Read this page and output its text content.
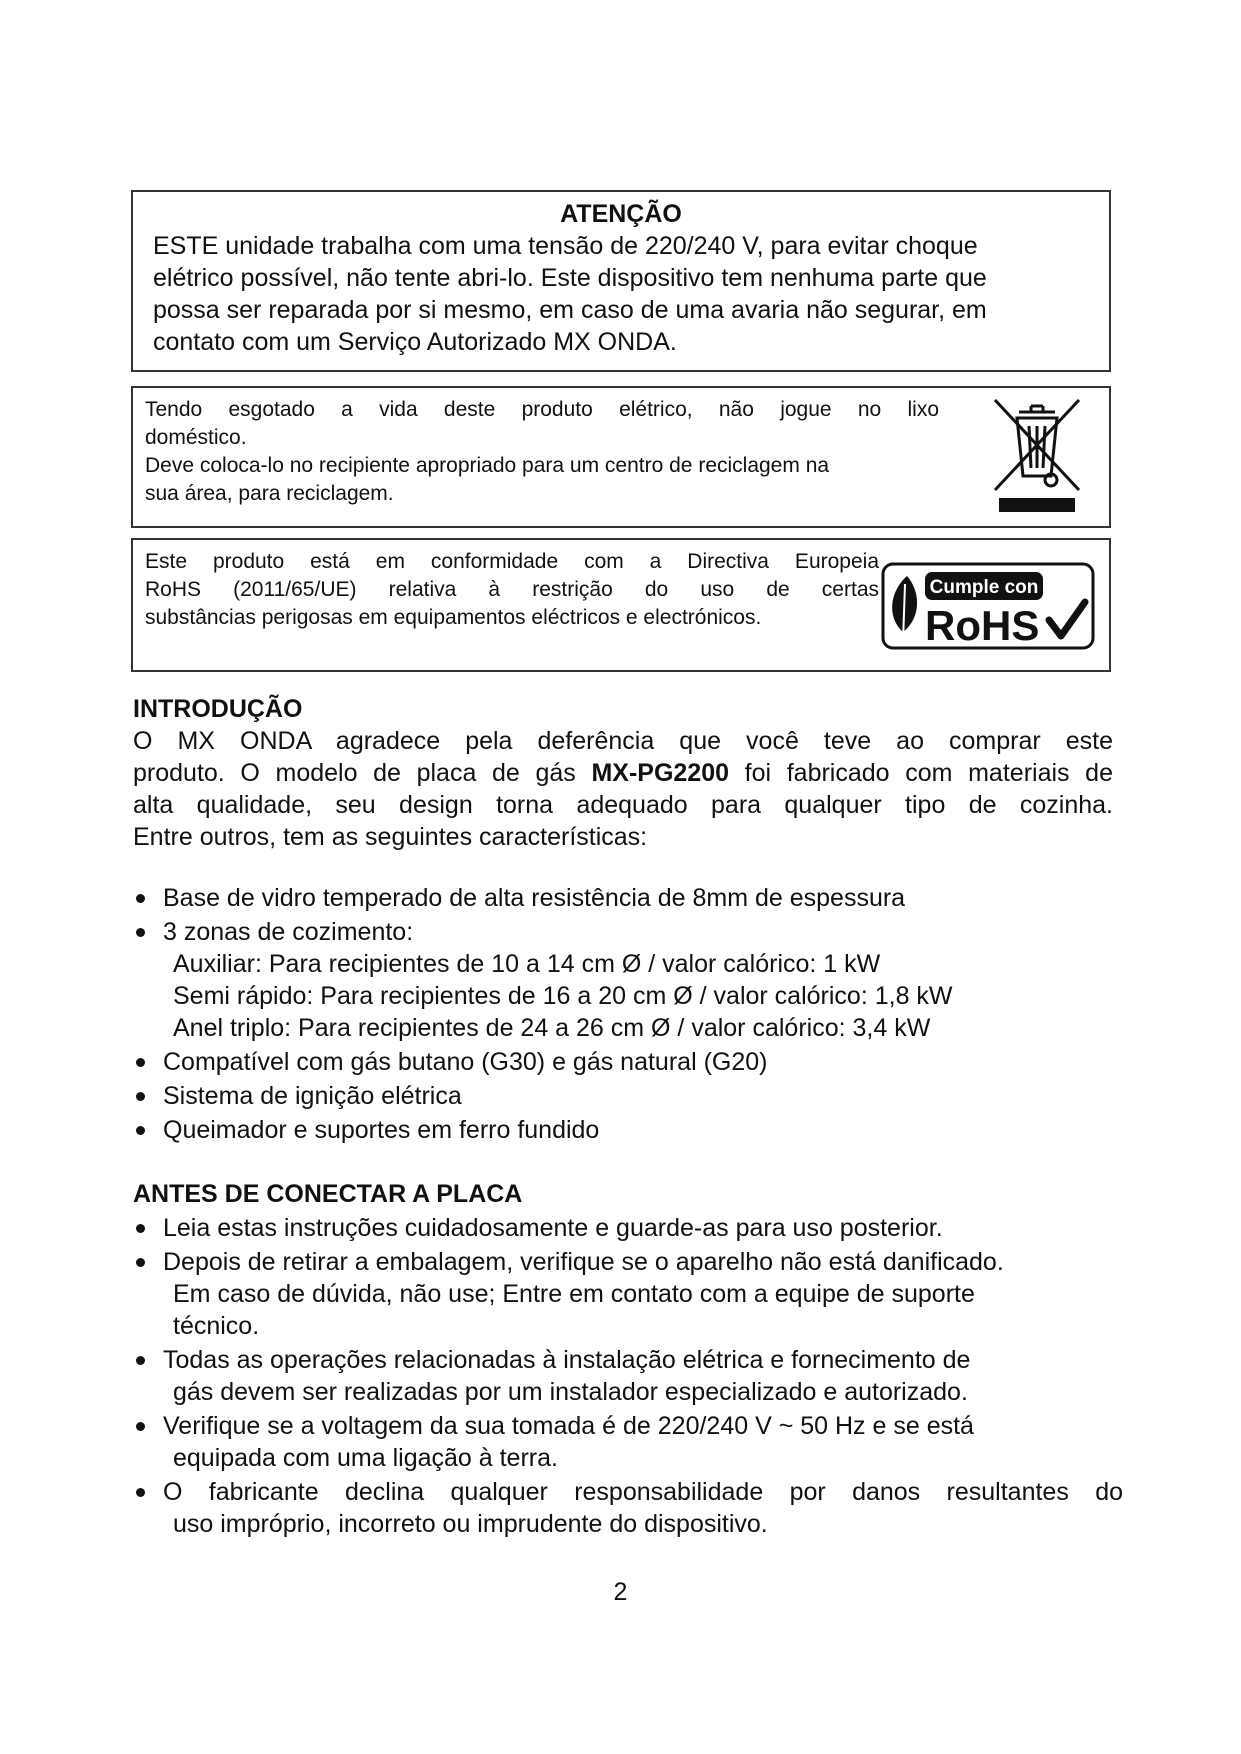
ATENÇÃO
ESTE unidade trabalha com uma tensão de 220/240 V, para evitar choque
elétrico possível, não tente abri-lo. Este dispositivo tem nenhuma parte que
possa ser reparada por si mesmo, em caso de uma avaria não segurar, em
contato com um Serviço Autorizado MX ONDA.

Tendo esgotado a vida deste produto elétrico, não jogue no lixo

doméstico.

Deve coloca-lo no recipiente apropriado para um centro de reciclagem na

sua área, para reciclagem.

Este produto está em conformidade com a Directiva Europeia

RoHS (2011/65/UE) relativa à restrição do uso de certas

substâncias perigosas em equipamentos eléctricos e electrónicos.

Cumple con
RoHS
INTRODUÇÃO
O MX ONDA agradece pela deferência que você teve ao comprar este
produto. O modelo de placa de gás MX-PG2200 foi fabricado com materiais de
alta qualidade, seu design torna adequado para qualquer tipo de cozinha.
Entre outros, tem as seguintes características:
Base de vidro temperado de alta resistência de 8mm de espessura
3 zonas de cozimento:
Auxiliar: Para recipientes de 10 a 14 cm Ø / valor calórico: 1 kW
Semi rápido: Para recipientes de 16 a 20 cm Ø / valor calórico: 1,8 kW
Anel triplo: Para recipientes de 24 a 26 cm Ø / valor calórico: 3,4 kW
Compatível com gás butano (G30) e gás natural (G20)
Sistema de ignição elétrica
Queimador e suportes em ferro fundido
ANTES DE CONECTAR A PLACA
Leia estas instruções cuidadosamente e guarde-as para uso posterior.
Depois de retirar a embalagem, verifique se o aparelho não está danificado.
Em caso de dúvida, não use; Entre em contato com a equipe de suporte
técnico.
Todas as operações relacionadas à instalação elétrica e fornecimento de
gás devem ser realizadas por um instalador especializado e autorizado.
Verifique se a voltagem da sua tomada é de 220/240 V ~ 50 Hz e se está
equipada com uma ligação à terra.
O fabricante declina qualquer responsabilidade por danos resultantes do
uso impróprio, incorreto ou imprudente do dispositivo.
2
